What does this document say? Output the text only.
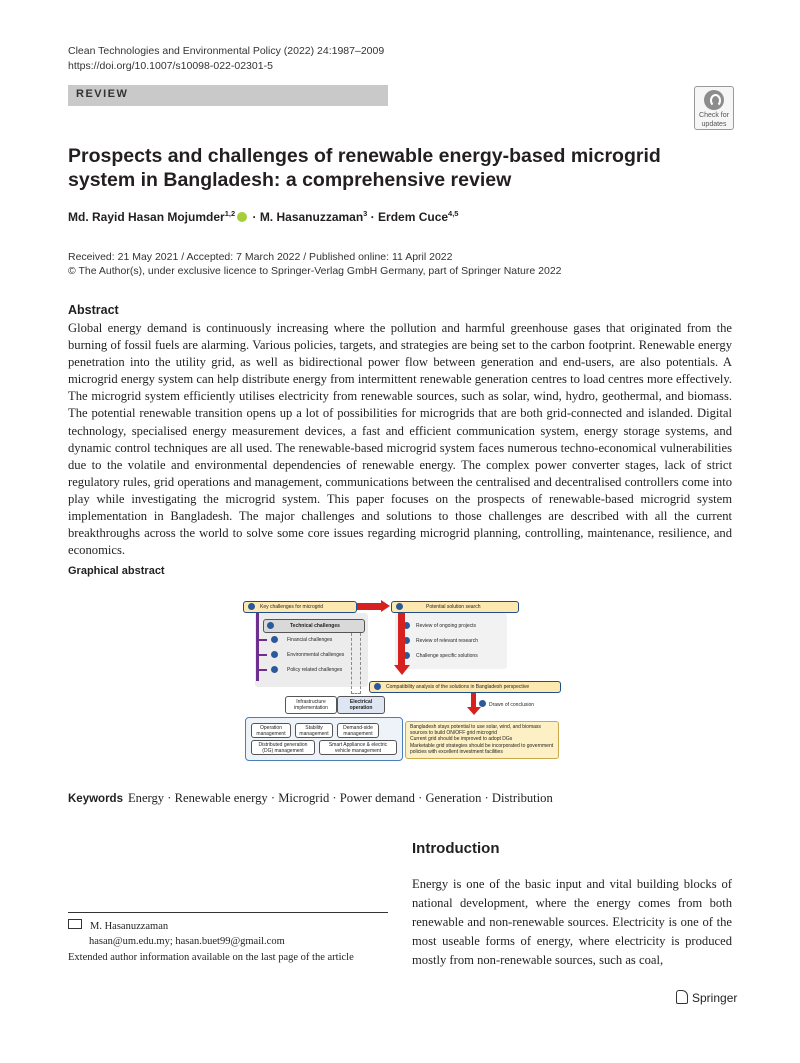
Clean Technologies and Environmental Policy (2022) 24:1987–2009
https://doi.org/10.1007/s10098-022-02301-5
REVIEW
Check for
updates
Prospects and challenges of renewable energy-based microgrid system in Bangladesh: a comprehensive review
Md. Rayid Hasan Mojumder$^{1,2}$ · M. Hasanuzzaman$^3$ · Erdem Cuce$^{4,5}$
Received: 21 May 2021 / Accepted: 7 March 2022 / Published online: 11 April 2022
© The Author(s), under exclusive licence to Springer-Verlag GmbH Germany, part of Springer Nature 2022
Abstract
Global energy demand is continuously increasing where the pollution and harmful greenhouse gases that originated from the burning of fossil fuels are alarming. Various policies, targets, and strategies are being set to the carbon footprint. Renewable energy penetration into the utility grid, as well as bidirectional power flow between generation and end-users, are also potentials. A microgrid energy system can help distribute energy from intermittent renewable generation centres to load centres more effectively. The microgrid system efficiently utilises electricity from renewable sources, such as solar, wind, hydro, geothermal, and biomass. The potential renewable transition opens up a lot of possibilities for microgrids that are both grid-connected and islanded. Digital technology, specialised energy measurement devices, a fast and efficient communication system, energy storage systems, and dynamic control techniques are all used. The renewable-based microgrid system faces numerous techno-economical vulnerabilities due to the volatile and environmental dependencies of renewable energy. The complex power converter stages, lack of strict regulatory rules, grid operations and management, communications between the centralised and decentralised controllers come into play while investigating the microgrid system. This paper focuses on the prospects of renewable-based microgrid system implementation in Bangladesh. The major challenges and solutions to those challenges are described with all the current breakthroughs across the world to solve some core issues regarding microgrid planning, controlling, maintenance, resilience, and economics.
Graphical abstract
Key challenges for microgrid	Potential solution search
Technical challenges
Financial challenges
Environmental challenges
Policy related challenges
Review of ongoing projects
Review of relevant research
Challenge specific solutions
Compatibility analysis of the solutions in Bangladesh perspective
Drawn of conclusion
Bangladesh stays potential to use solar, wind, and biomass sources to build ON/OFF grid microgrid
Current grid should be improved to adopt DGs
Marketable grid strategies should be incorporated to government policies with excellent investment facilities
Infrastructure implementation
Electrical operation
Operation management
Stability management
Demand-side management
Distributed generation (DG) management
Smart Appliance & electric vehicle management
Keywords Energy · Renewable energy · Microgrid · Power demand · Generation · Distribution
Introduction
Energy is one of the basic input and vital building blocks of national development, where the energy comes from both renewable and non-renewable sources. Electricity is one of the most useable forms of energy, where electricity is produced mostly from non-renewable sources, such as coal,
M. Hasanuzzaman
hasan@um.edu.my; hasan.buet99@gmail.com
Extended author information available on the last page of the article
Springer
